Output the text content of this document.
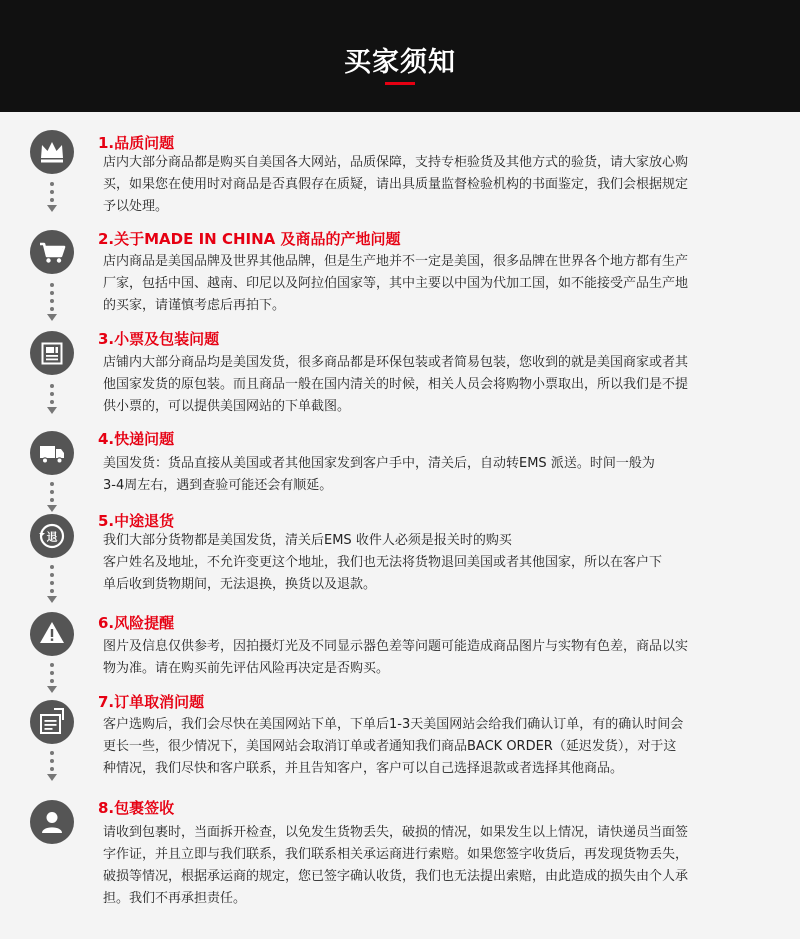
买家须知
1.品质问题
店内大部分商品都是购买自美国各大网站，品质保障，支持专柜验货及其他方式的验货，请大家放心购
买，如果您在使用时对商品是否真假存在质疑，请出具质量监督检验机构的书面鉴定，我们会根据规定
予以处理。
2.关于MADE IN CHINA 及商品的产地问题
店内商品是美国品牌及世界其他品牌，但是生产地并不一定是美国，很多品牌在世界各个地方都有生产
厂家，包括中国、越南、印尼以及阿拉伯国家等，其中主要以中国为代加工国，如不能接受产品生产地
的买家，请谨慎考虑后再拍下。
3.小票及包装问题
店铺内大部分商品均是美国发货，很多商品都是环保包装或者简易包装，您收到的就是美国商家或者其
他国家发货的原包装。而且商品一般在国内清关的时候，相关人员会将购物小票取出，所以我们是不提
供小票的，可以提供美国网站的下单截图。
4.快递问题
美国发货：货品直接从美国或者其他国家发到客户手中，清关后，自动转EMS 派送。时间一般为
3-4周左右，遇到查验可能还会有顺延。
退
5.中途退货
我们大部分货物都是美国发货，清关后EMS 收件人必须是报关时的购买
客户姓名及地址，不允许变更这个地址，我们也无法将货物退回美国或者其他国家，所以在客户下
单后收到货物期间，无法退换，换货以及退款。
6.风险提醒
图片及信息仅供参考，因拍摄灯光及不同显示器色差等问题可能造成商品图片与实物有色差，商品以实
物为准。请在购买前先评估风险再决定是否购买。
7.订单取消问题
客户选购后，我们会尽快在美国网站下单，下单后1-3天美国网站会给我们确认订单，有的确认时间会
更长一些，很少情况下，美国网站会取消订单或者通知我们商品BACK ORDER（延迟发货），对于这
种情况，我们尽快和客户联系，并且告知客户，客户可以自己选择退款或者选择其他商品。
8.包裹签收
请收到包裹时，当面拆开检查，以免发生货物丢失，破损的情况，如果发生以上情况，请快递员当面签
字作证，并且立即与我们联系，我们联系相关承运商进行索赔。如果您签字收货后，再发现货物丢失，
破损等情况，根据承运商的规定，您已签字确认收货，我们也无法提出索赔，由此造成的损失由个人承
担。我们不再承担责任。
